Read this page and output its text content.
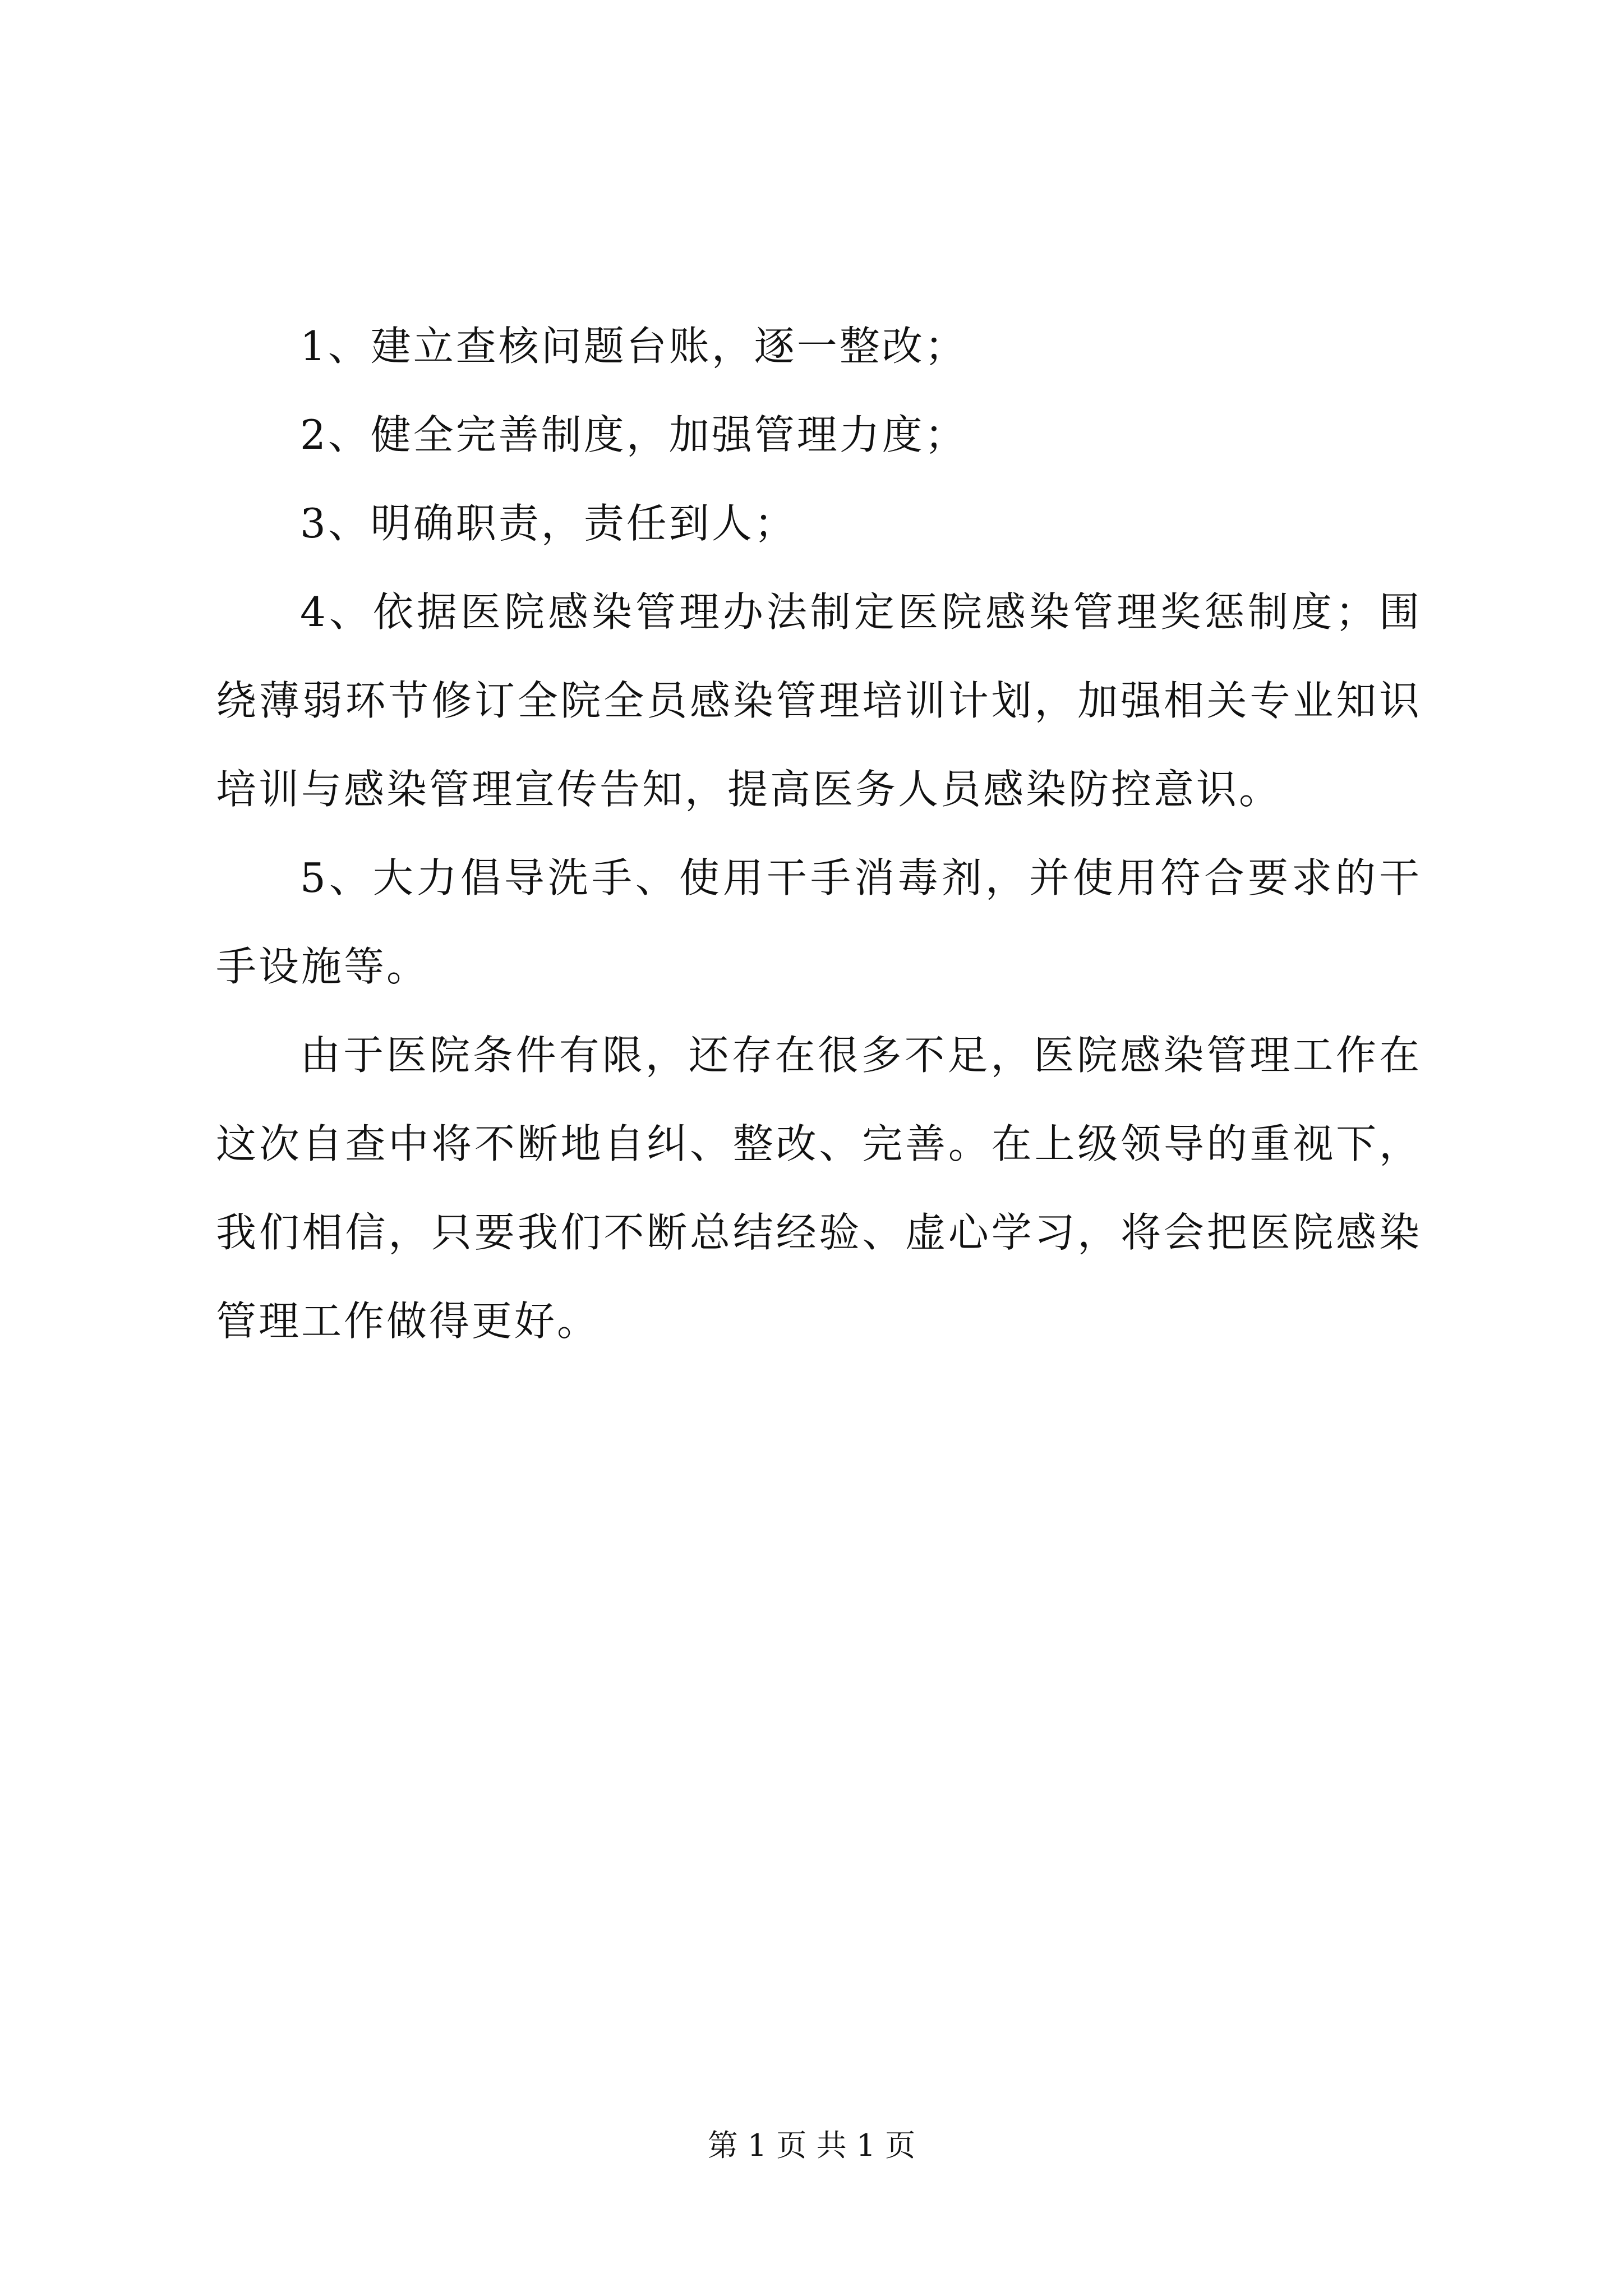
1、建立查核问题台账，逐一整改；

2、健全完善制度，加强管理力度；

3、明确职责，责任到人；

4、依据医院感染管理办法制定医院感染管理奖惩制度；围绕薄弱环节修订全院全员感染管理培训计划，加强相关专业知识培训与感染管理宣传告知，提高医务人员感染防控意识。

5、大力倡导洗手、使用干手消毒剂，并使用符合要求的干手设施等。

由于医院条件有限，还存在很多不足，医院感染管理工作在这次自查中将不断地自纠、整改、完善。在上级领导的重视下，我们相信，只要我们不断总结经验、虚心学习，将会把医院感染管理工作做得更好。

第 1 页 共 1 页
